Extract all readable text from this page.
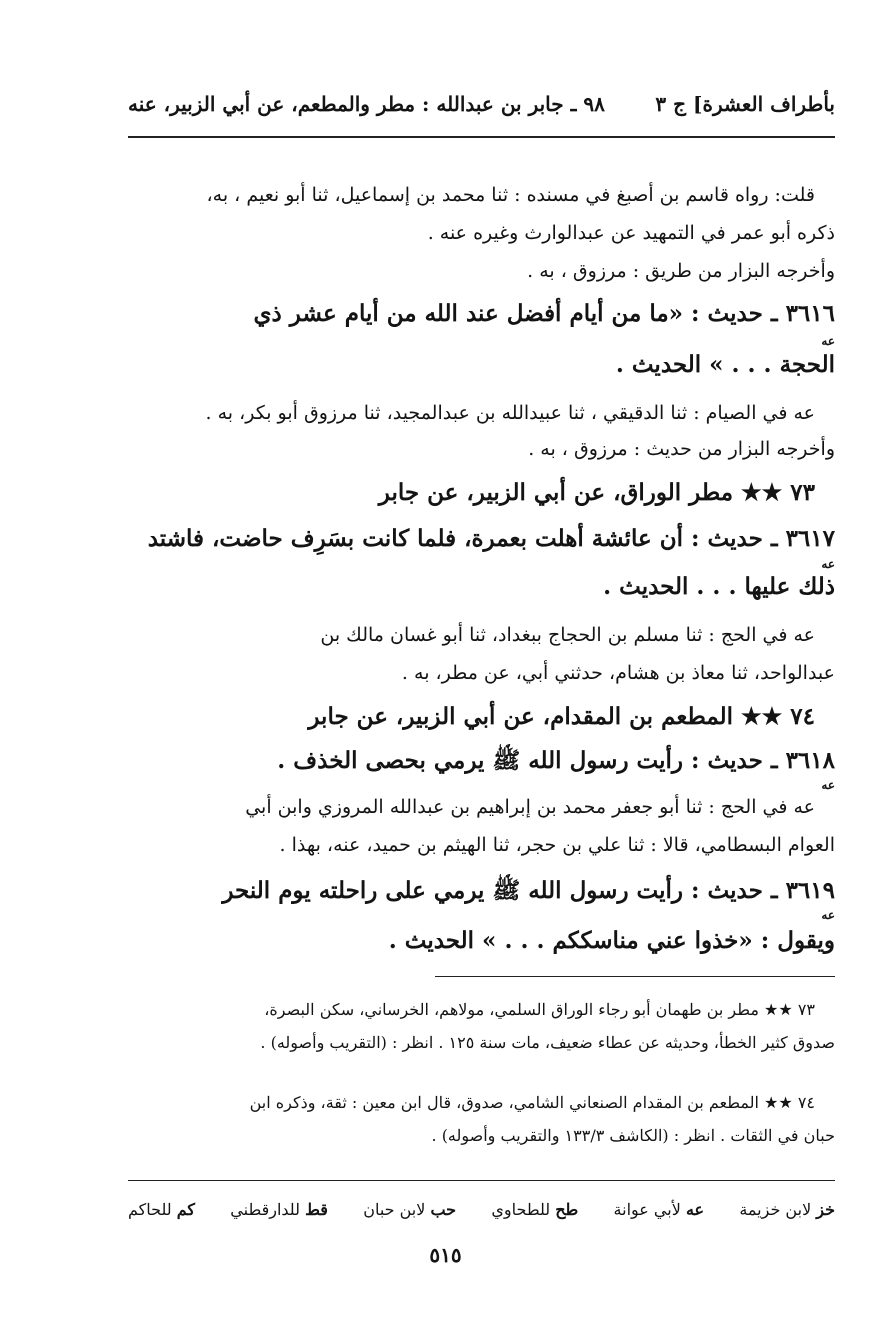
بأطراف العشرة] ج ٣
٩٨ ـ جابر بن عبدالله : مطر والمطعم، عن أبي الزبير، عنه
قلت: رواه قاسم بن أصبغ في مسنده : ثنا محمد بن إسماعيل، ثنا أبو نعيم ، به،
ذكره أبو عمر في التمهيد عن عبدالوارث وغيره عنه .
وأخرجه البزار من طريق : مرزوق ، به .
٣٦١٦ ـ حديث : «ما من أيام أفضل عند الله من أيام عشر ذي
عه
الحجة . . . » الحديث .
عه في الصيام : ثنا الدقيقي ، ثنا عبيدالله بن عبدالمجيد، ثنا مرزوق أبو بكر، به .
وأخرجه البزار من حديث : مرزوق ، به .
٧٣ ★★ مطر الوراق، عن أبي الزبير، عن جابر
٣٦١٧ ـ حديث : أن عائشة أهلت بعمرة، فلما كانت بسَرِف حاضت، فاشتد
عه
ذلك عليها . . . الحديث .
عه في الحج : ثنا مسلم بن الحجاج ببغداد، ثنا أبو غسان مالك بن
عبدالواحد، ثنا معاذ بن هشام، حدثني أبي، عن مطر، به .
٧٤ ★★ المطعم بن المقدام، عن أبي الزبير، عن جابر
٣٦١٨ ـ حديث : رأيت رسول الله ﷺ يرمي بحصى الخذف .
عه
عه في الحج : ثنا أبو جعفر محمد بن إبراهيم بن عبدالله المروزي وابن أبي
العوام البسطامي، قالا : ثنا علي بن حجر، ثنا الهيثم بن حميد، عنه، بهذا .
٣٦١٩ ـ حديث : رأيت رسول الله ﷺ يرمي على راحلته يوم النحر
عه
ويقول : «خذوا عني مناسككم . . . » الحديث .
٧٣ ★★ مطر بن طهمان أبو رجاء الوراق السلمي، مولاهم، الخرساني، سكن البصرة،
صدوق كثير الخطأ، وحديثه عن عطاء ضعيف، مات سنة ١٢٥ . انظر : (التقريب وأصوله) .
٧٤ ★★ المطعم بن المقدام الصنعاني الشامي، صدوق، قال ابن معين : ثقة، وذكره ابن
حبان في الثقات . انظر : (الكاشف ١٣٣/٣ والتقريب وأصوله) .
خز لابن خزيمة
عه لأبي عوانة
طح للطحاوي
حب لابن حبان
قط للدارقطني
كم للحاكم
٥١٥
